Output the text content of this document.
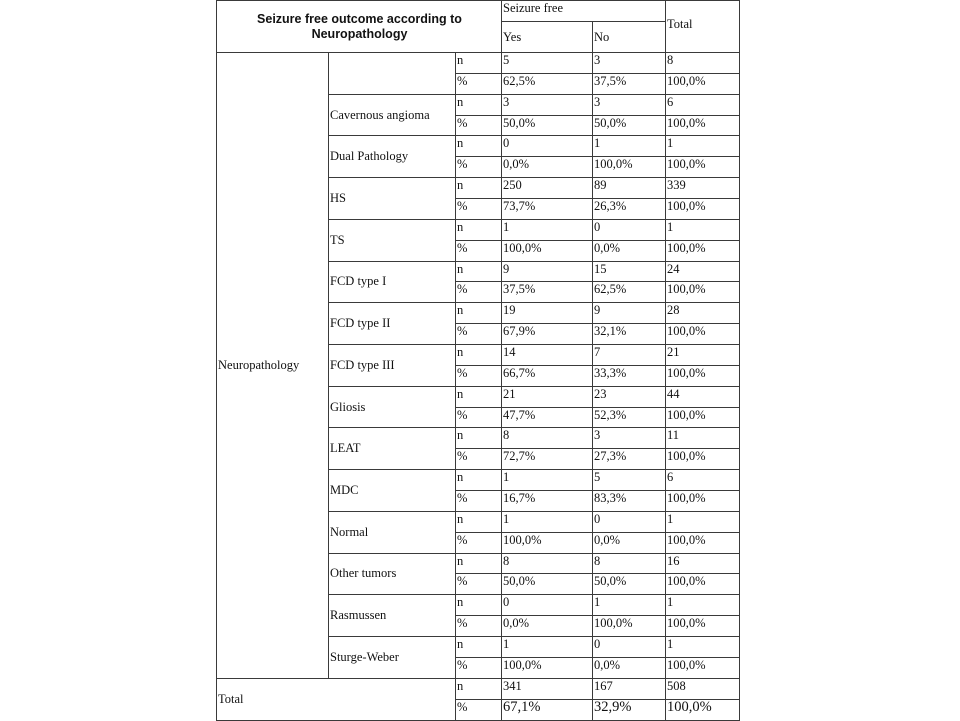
Seizure free outcome according to Neuropathology			Seizure free		Total
			Yes	No	
Neuropathology		n	5	3	8
		%	62,5%	37,5%	100,0%
	Cavernous angioma	n	3	3	6
		%	50,0%	50,0%	100,0%
	Dual Pathology	n	0	1	1
		%	0,0%	100,0%	100,0%
	HS	n	250	89	339
		%	73,7%	26,3%	100,0%
	TS	n	1	0	1
		%	100,0%	0,0%	100,0%
	FCD type I	n	9	15	24
		%	37,5%	62,5%	100,0%
	FCD type II	n	19	9	28
		%	67,9%	32,1%	100,0%
	FCD type III	n	14	7	21
		%	66,7%	33,3%	100,0%
	Gliosis	n	21	23	44
		%	47,7%	52,3%	100,0%
	LEAT	n	8	3	11
		%	72,7%	27,3%	100,0%
	MDC	n	1	5	6
		%	16,7%	83,3%	100,0%
	Normal	n	1	0	1
		%	100,0%	0,0%	100,0%
	Other tumors	n	8	8	16
		%	50,0%	50,0%	100,0%
	Rasmussen	n	0	1	1
		%	0,0%	100,0%	100,0%
	Sturge-Weber	n	1	0	1
		%	100,0%	0,0%	100,0%
Total		n	341	167	508
		%	67,1%	32,9%	100,0%
